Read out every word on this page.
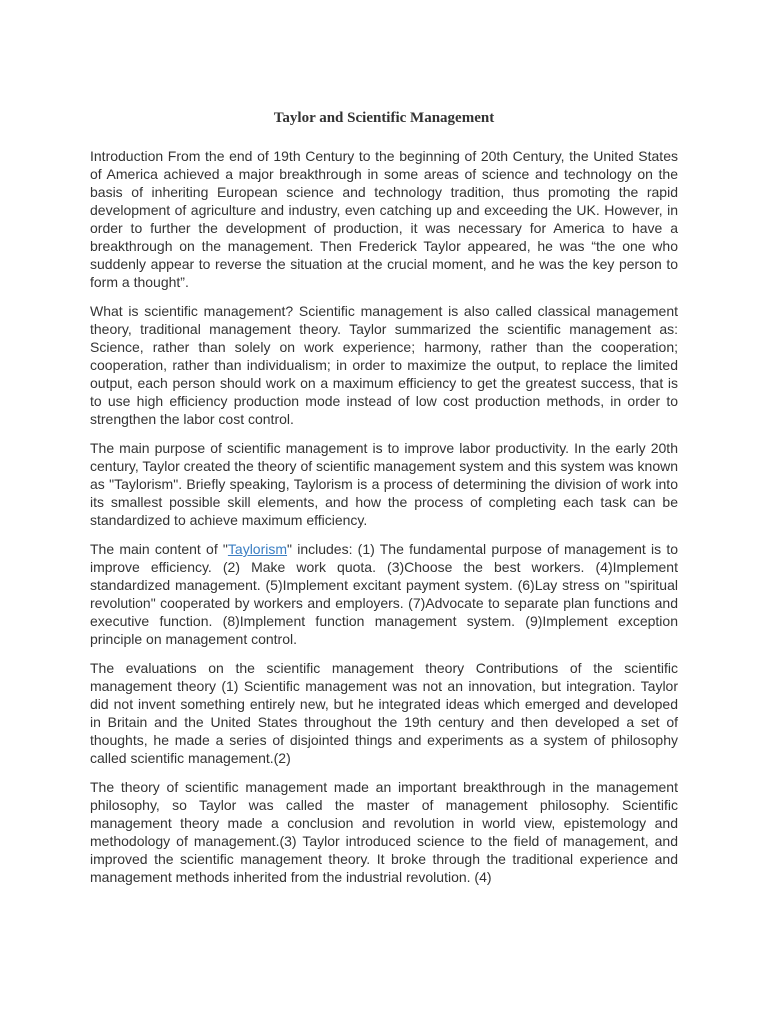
Taylor and Scientific Management

Introduction From the end of 19th Century to the beginning of 20th Century, the United States of America achieved a major breakthrough in some areas of science and technology on the basis of inheriting European science and technology tradition, thus promoting the rapid development of agriculture and industry, even catching up and exceeding the UK. However, in order to further the development of production, it was necessary for America to have a breakthrough on the management. Then Frederick Taylor appeared, he was “the one who suddenly appear to reverse the situation at the crucial moment, and he was the key person to form a thought”.

What is scientific management? Scientific management is also called classical management theory, traditional management theory. Taylor summarized the scientific management as: Science, rather than solely on work experience; harmony, rather than the cooperation; cooperation, rather than individualism; in order to maximize the output, to replace the limited output, each person should work on a maximum efficiency to get the greatest success, that is to use high efficiency production mode instead of low cost production methods, in order to strengthen the labor cost control.

The main purpose of scientific management is to improve labor productivity. In the early 20th century, Taylor created the theory of scientific management system and this system was known as "Taylorism". Briefly speaking, Taylorism is a process of determining the division of work into its smallest possible skill elements, and how the process of completing each task can be standardized to achieve maximum efficiency.

The main content of "Taylorism" includes: (1) The fundamental purpose of management is to improve efficiency. (2) Make work quota. (3)Choose the best workers. (4)Implement standardized management. (5)Implement excitant payment system. (6)Lay stress on "spiritual revolution" cooperated by workers and employers. (7)Advocate to separate plan functions and executive function. (8)Implement function management system. (9)Implement exception principle on management control.

The evaluations on the scientific management theory Contributions of the scientific management theory (1) Scientific management was not an innovation, but integration. Taylor did not invent something entirely new, but he integrated ideas which emerged and developed in Britain and the United States throughout the 19th century and then developed a set of thoughts, he made a series of disjointed things and experiments as a system of philosophy called scientific management.(2)

The theory of scientific management made an important breakthrough in the management philosophy, so Taylor was called the master of management philosophy. Scientific management theory made a conclusion and revolution in world view, epistemology and methodology of management.(3) Taylor introduced science to the field of management, and improved the scientific management theory. It broke through the traditional experience and management methods inherited from the industrial revolution. (4)
